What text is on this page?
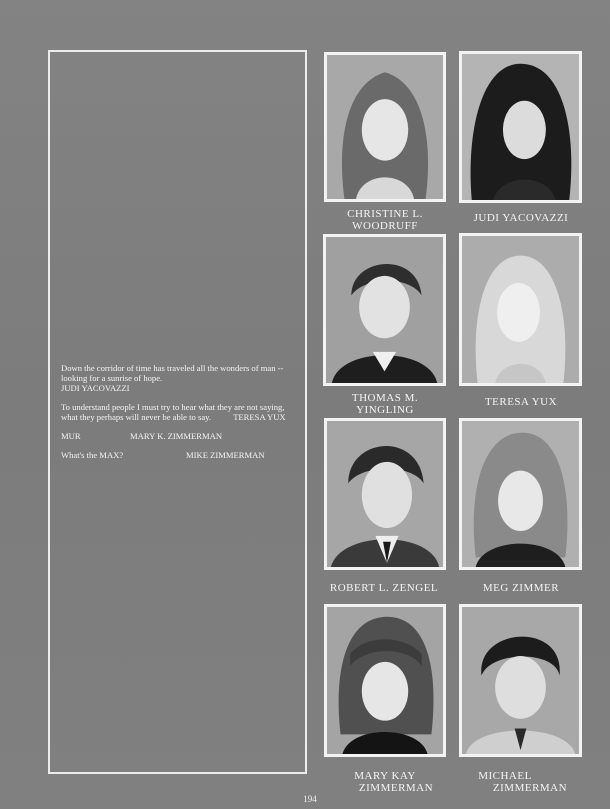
Down the corridor of time has traveled all the wonders of man -- looking for a sunrise of hope.
JUDI YACOVAZZI

To understand people I must try to hear what they are not saying, what they perhaps will never be able to say.	TERESA YUX

MUR	MARY K. ZIMMERMAN
What's the MAX?	MIKE ZIMMERMAN
CHRISTINE L.
WOODRUFF
JUDI YACOVAZZI
THOMAS M.
YINGLING
TERESA YUX
ROBERT L. ZENGEL	MEG ZIMMER
MARY KAY
ZIMMERMAN
MICHAEL
ZIMMERMAN
194
